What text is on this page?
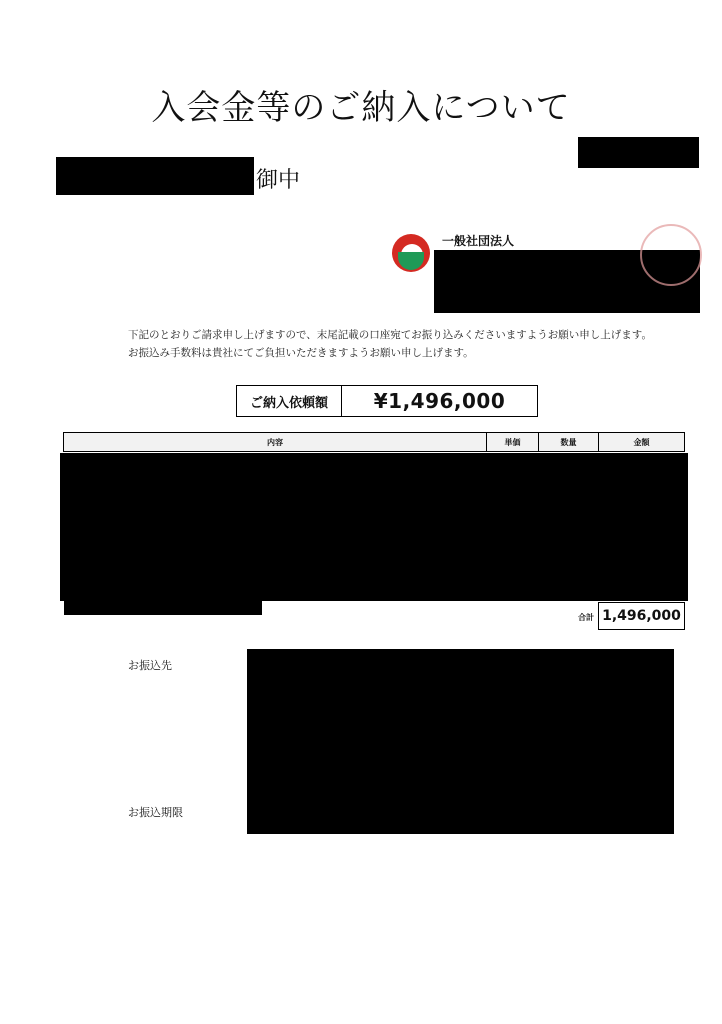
入会金等のご納入について
御中
一般社団法人
下記のとおりご請求申し上げますので、末尾記載の口座宛てお振り込みくださいますようお願い申し上げます。
お振込み手数料は貴社にてご負担いただきますようお願い申し上げます。
ご納入依頼額	¥1,496,000
内容	単価	数量	金額
合計 1,496,000
お振込先
お振込期限
